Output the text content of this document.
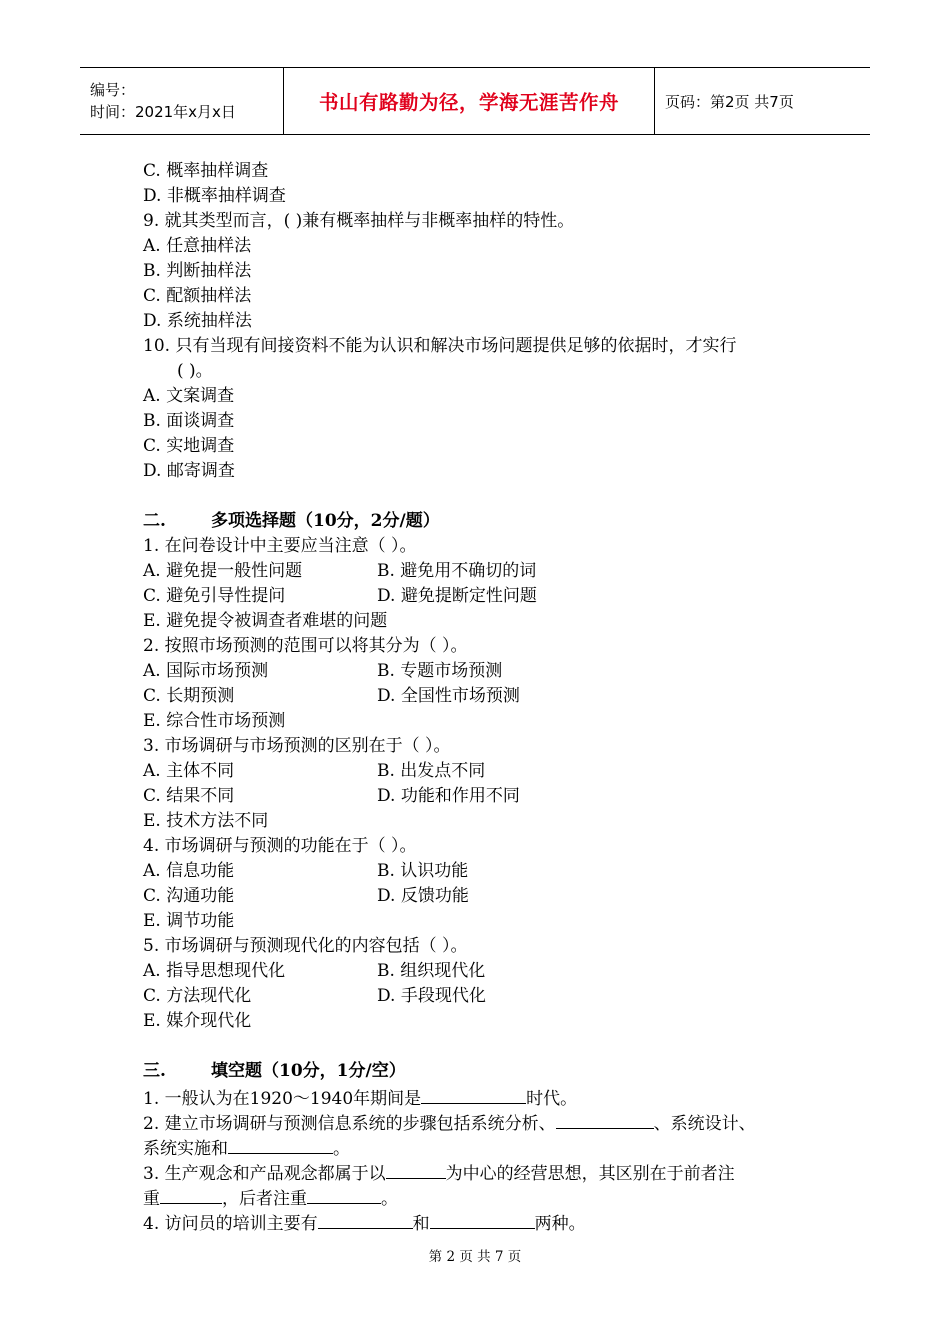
编号：
时间：2021年x月x日	书山有路勤为径，学海无涯苦作舟	页码：第2页 共7页
C. 概率抽样调查
D. 非概率抽样调查
9. 就其类型而言，( )兼有概率抽样与非概率抽样的特性。
A. 任意抽样法
B. 判断抽样法
C. 配额抽样法
D. 系统抽样法
10. 只有当现有间接资料不能为认识和解决市场问题提供足够的依据时，才实行
( )。
A. 文案调查
B. 面谈调查
C. 实地调查
D. 邮寄调查
二.	多项选择题（10分，2分/题）
1. 在问卷设计中主要应当注意（ ）。
A. 避免提一般性问题	B. 避免用不确切的词
C. 避免引导性提问	D. 避免提断定性问题
E. 避免提令被调查者难堪的问题
2. 按照市场预测的范围可以将其分为（ ）。
A. 国际市场预测	B. 专题市场预测
C. 长期预测	D. 全国性市场预测
E. 综合性市场预测
3. 市场调研与市场预测的区别在于（ ）。
A. 主体不同	B. 出发点不同
C. 结果不同	D. 功能和作用不同
E. 技术方法不同
4. 市场调研与预测的功能在于（ ）。
A. 信息功能	B. 认识功能
C. 沟通功能	D. 反馈功能
E. 调节功能
5. 市场调研与预测现代化的内容包括（ ）。
A. 指导思想现代化	B. 组织现代化
C. 方法现代化	D. 手段现代化
E. 媒介现代化
三.	填空题（10分，1分/空）
1. 一般认为在1920～1940年期间是	时代。
2. 建立市场调研与预测信息系统的步骤包括系统分析、	、系统设计、
系统实施和	。
3. 生产观念和产品观念都属于以	为中心的经营思想，其区别在于前者注
重	，后者注重	。
4. 访问员的培训主要有	和	两种。
第 2 页 共 7 页
